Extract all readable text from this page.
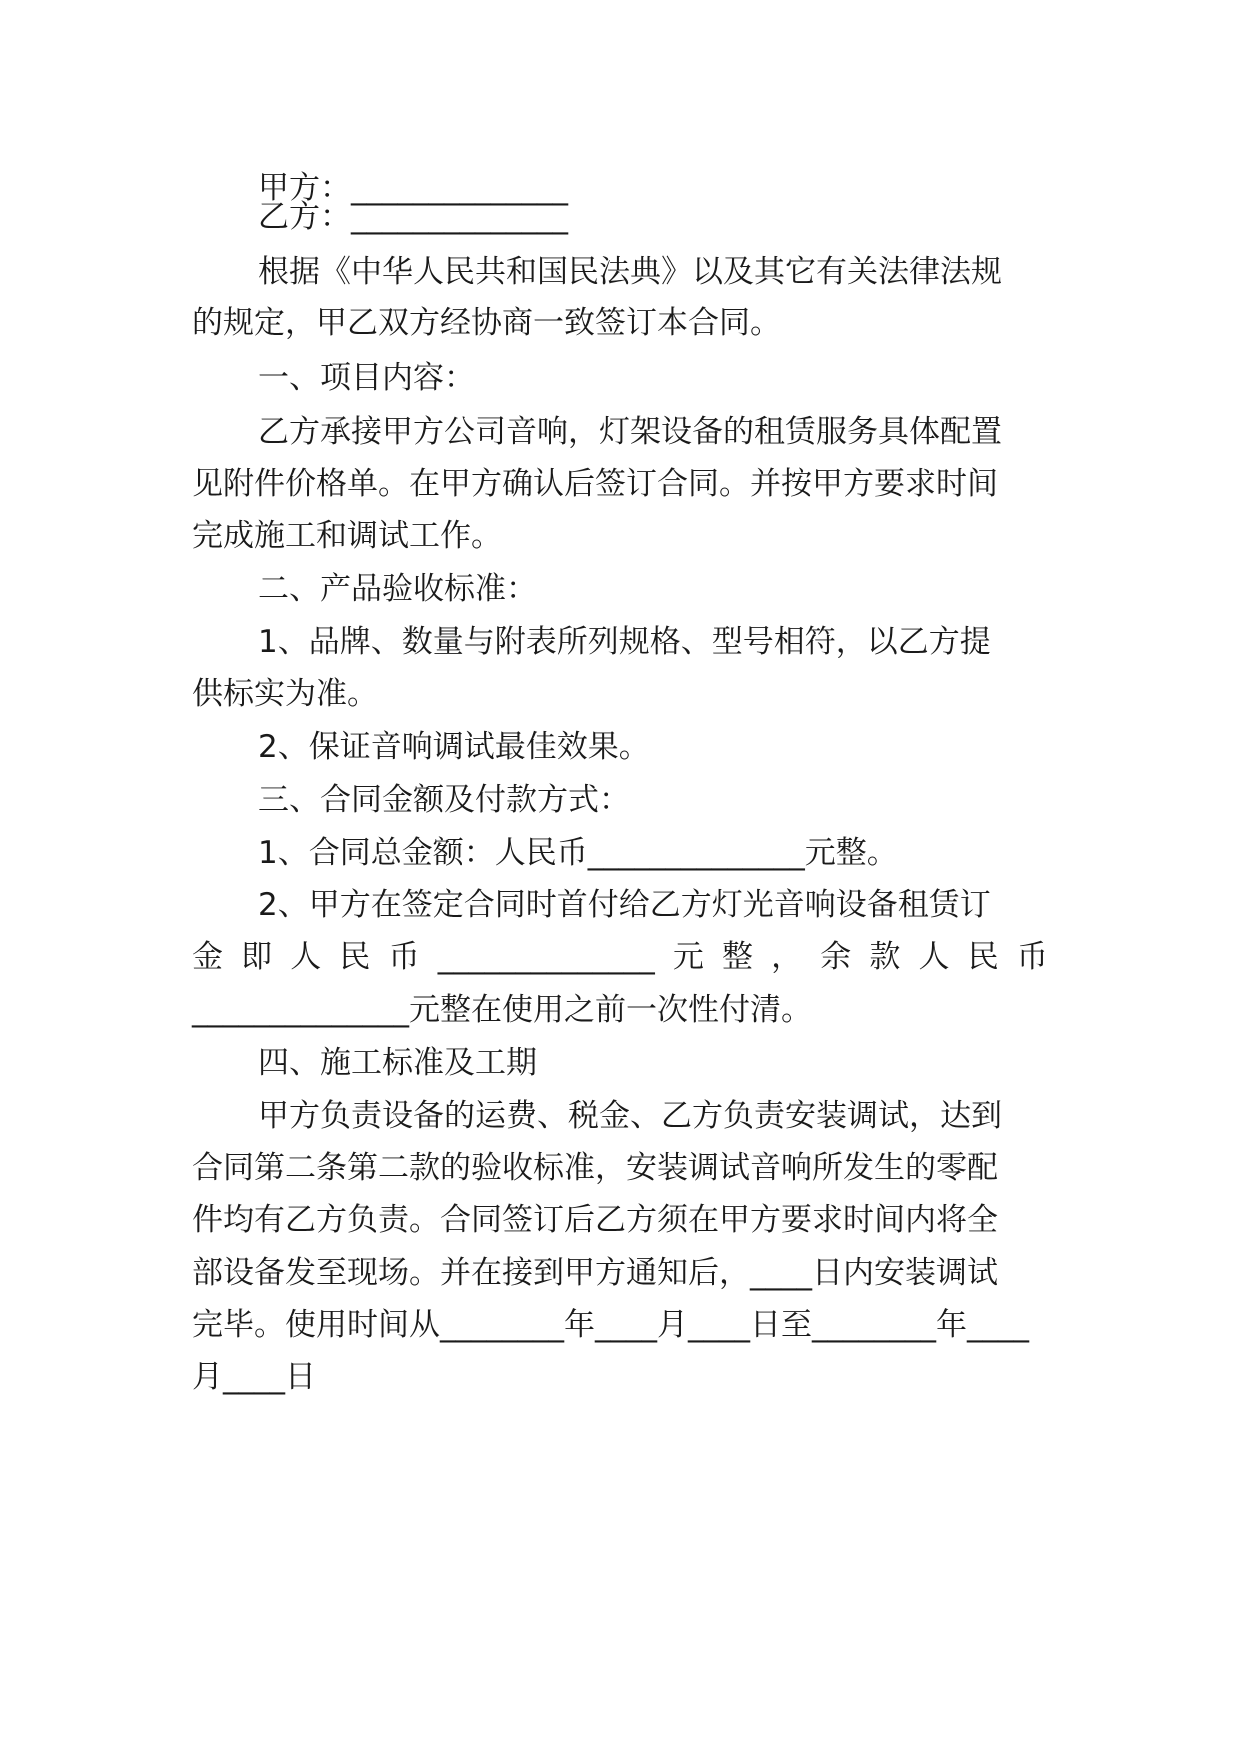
甲方：______________
乙方：______________
根据《中华人民共和国民法典》以及其它有关法律法规
的规定，甲乙双方经协商一致签订本合同。
一、项目内容：
乙方承接甲方公司音响，灯架设备的租赁服务具体配置
见附件价格单。在甲方确认后签订合同。并按甲方要求时间
完成施工和调试工作。
二、产品验收标准：
1、品牌、数量与附表所列规格、型号相符，以乙方提
供标实为准。
2、保证音响调试最佳效果。
三、合同金额及付款方式：
1、合同总金额：人民币______________元整。
2、甲方在签定合同时首付给乙方灯光音响设备租赁订
金 即 人 民 币 ______________ 元 整 ， 余 款 人 民 币
______________元整在使用之前一次性付清。
四、施工标准及工期
甲方负责设备的运费、税金、乙方负责安装调试，达到
合同第二条第二款的验收标准，安装调试音响所发生的零配
件均有乙方负责。合同签订后乙方须在甲方要求时间内将全
部设备发至现场。并在接到甲方通知后，____日内安装调试
完毕。使用时间从________年____月____日至________年____
月____日
